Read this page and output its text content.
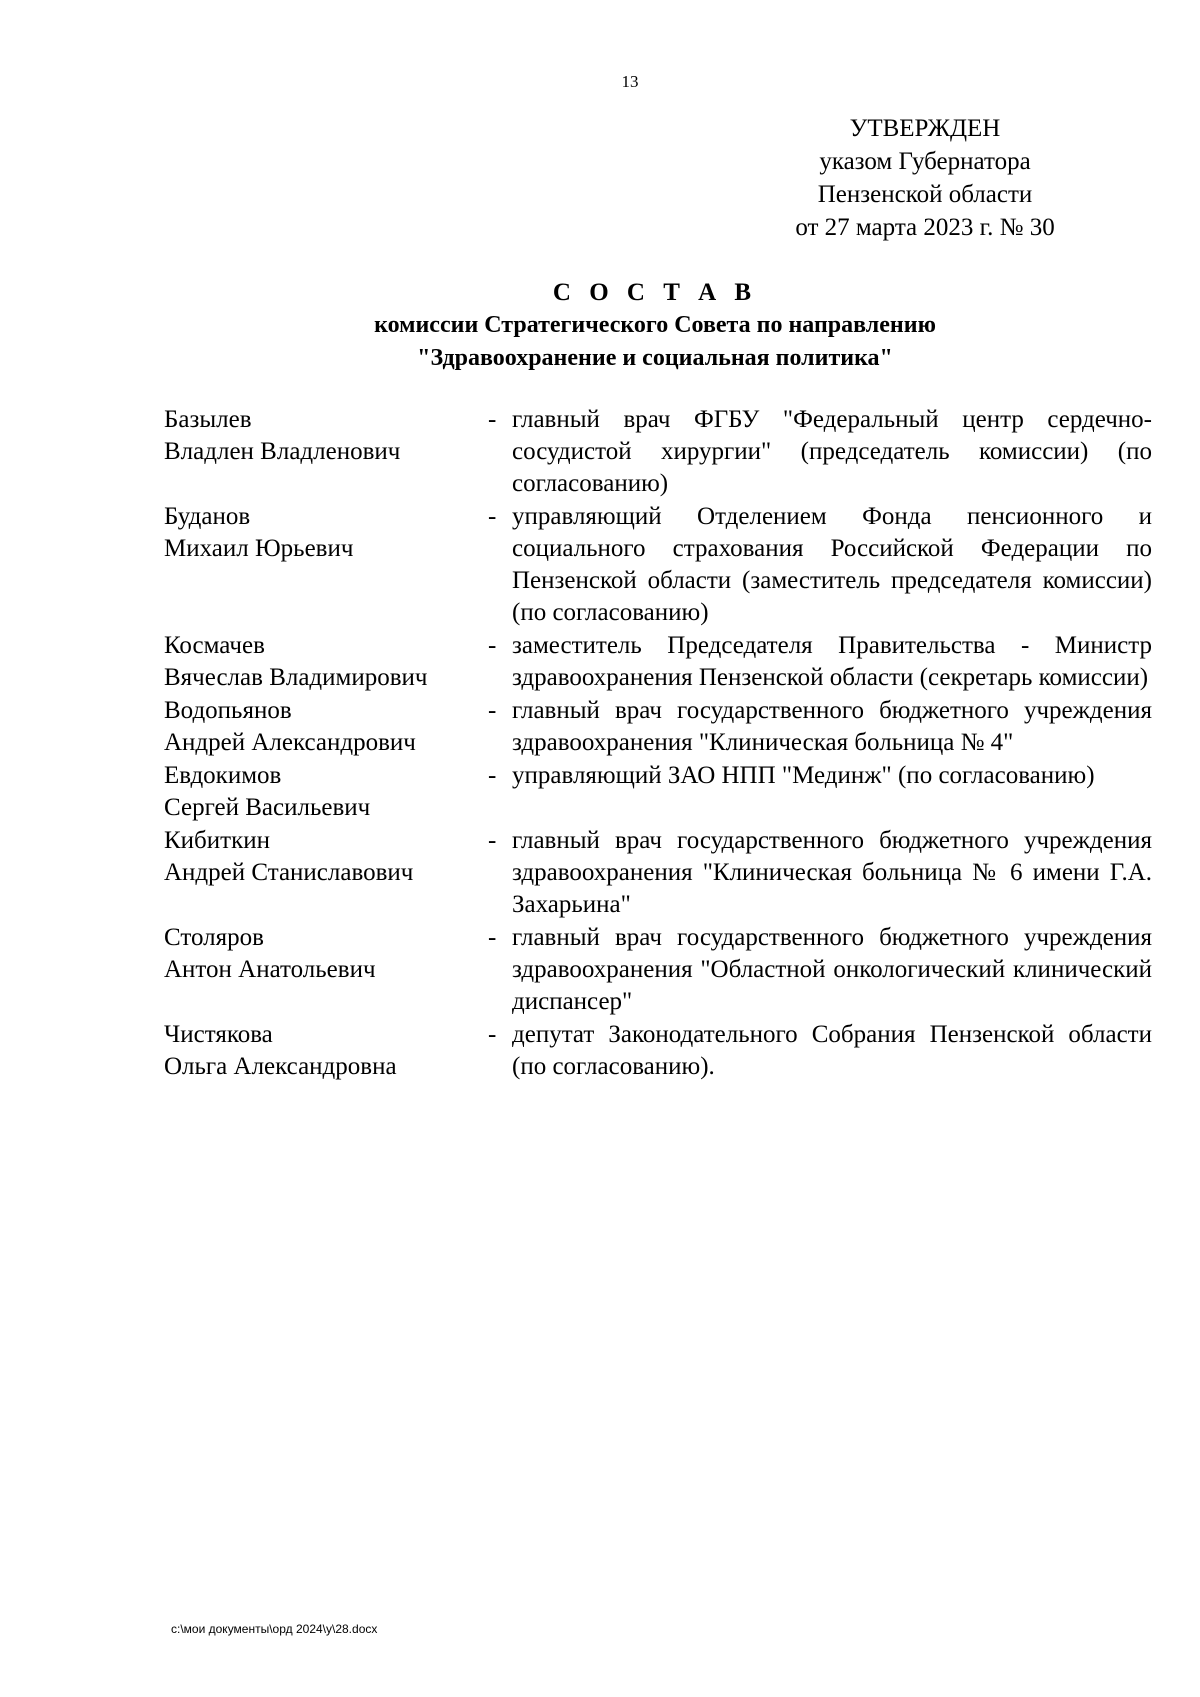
13
УТВЕРЖДЕН
указом Губернатора
Пензенской области
от 27 марта 2023 г. № 30
С О С Т А В
комиссии Стратегического Совета по направлению
"Здравоохранение и социальная политика"
Базылев
Владлен Владленович
- главный врач ФГБУ "Федеральный центр сердечно-сосудистой хирургии" (председатель комиссии) (по согласованию)
Буданов
Михаил Юрьевич
- управляющий Отделением Фонда пенсионного и социального страхования Российской Федерации по Пензенской области (заместитель председателя комиссии) (по согласованию)
Космачев
Вячеслав Владимирович
- заместитель Председателя Правительства - Министр здравоохранения Пензенской области (секретарь комиссии)
Водопьянов
Андрей Александрович
- главный врач государственного бюджетного учреждения здравоохранения "Клиническая больница № 4"
Евдокимов
Сергей Васильевич
- управляющий ЗАО НПП "Мединж" (по согласованию)
Кибиткин
Андрей Станиславович
- главный врач государственного бюджетного учреждения здравоохранения "Клиническая больница № 6 имени Г.А. Захарьина"
Столяров
Антон Анатольевич
- главный врач государственного бюджетного учреждения здравоохранения "Областной онкологический клинический диспансер"
Чистякова
Ольга Александровна
- депутат Законодательного Собрания Пензенской области (по согласованию).
c:\мои документы\орд 2024\у\28.docx
